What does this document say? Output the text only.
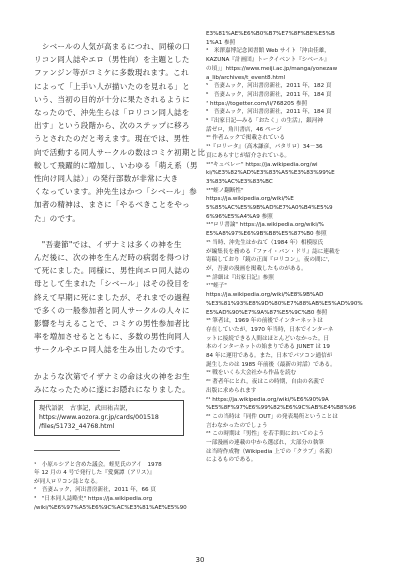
　シベールの人気が高まるにつれ、同様の口
リコン同人誌やエロ（男性向）を主題とした
ファンジン等がコミケに多数現れます。これ
によって「上手い人が描いたのを見れる」と
いう、当初の目的が十分に果たされるように
なったので、沖先生らは「ロリコン同人誌を
出す」という段階から、次のステップに移ろ
うとされたのだと考えます。現在では、男性
向で活動する同人サークルの数はコミケ初期と比
較して飛躍的に増加し、いわゆる「萌え系（男
性向け同人誌）」の発行部数が非常に大き
くなっています。沖先生はかつ「シベール」参
加者の精神は、まさに「やるべきことをやっ
た」のです。
　"吾妻節"では、イザナミは多くの神を生
んだ後に、次の神を生んだ時の病弱を得つけ
て死にました。同様に、男性向エロ同人誌の
母として生まれた「シベール」はその役目を
終えて早期に死にましたが、それまでの過程
で多くの一般参加者と同人サークルの人々に
影響を与えることで、コミケの男性参加者比
率を増加させるとともに、多数の男性向同人
サークルやエロ同人誌を生み出したのです。
かような次第でイザナミの命は火の神をお生
みになったために遂にお隠れになりました。
現代語訳　古事記，武田祐吉訳，
https://www.aozora.gr.jp/cards/001518
/files/51732_44768.html
¹　小原ルシアと含めた議会。蛭児氏のアイ　1978
年 12 月の 4 号で発行した『愛翼譚（アリス）』
が同人ロリコン誌となる。
²　吾妻ムック，河出書房新社，2011 年，66 頁
³　"日本同人誌略史" https://ja.wikipedia.org
/wiki/%E6%97%A5%E6%9C%AC%E3%81%AE%E5%90
E3%81%AE%E6%B0%B7%E7%8F%BE%E5%B
1%A1 参照
⁴　米澤嘉博記念図書館 Web サイト「沖由佳雄，
KAZUNA『計画団』トークイベント『シベール』
の頃」」https://www.meiji.ac.jp/manga/yonezaw
a_lib/archives/t_event8.html
⁵　吾妻ムック，河出書房新社，2011 年，182 頁
⁶　吾妻ムック，河出書房新社，2011 年，184 頁
⁷ https://togetter.com/li/768205 参照
⁸　吾妻ムック，河出書房新社，2011 年，184 頁
⁹『出家日記―みる「おたく」の生活』，銀河神
話ゼロ，角川書店，46 ページ
¹⁰ 作者ムックで掲載されている
¹¹『ロリータ』（高木謙彦，パタリロ）34－36
頁にあらすじが紹介されている。
¹²"キュベレー" https://ja.wikipedia.org/wi
ki/%E3%82%AD%E3%83%A5%E3%83%99%E
3%83%AC%E3%83%BC
¹³"蛭ノ翻断性"
https://ja.wikipedia.org/wiki/%E
5%85%AC%E5%9B%AD%E7%A0%B4%E5%9
6%96%E5%A4%A9 参照
¹⁴"ロリ書論" https://ja.wikipedia.org/wiki/%
E5%A8%97%E6%9B%B8%E5%87%B0 参照
¹⁵ 当時、沖先生はかねて（1984 年）相模原氏
が編集長を務める『ファイ・バン・ドリ』誌に連載を
寄稿しており『鏡の正面『ロリコン」。夜の間に',
が，吾妻の漫画を掲載したものがある。
¹⁶ 詳細は『出家日記』参照
¹⁷"蛭子"
https://ja.wikipedia.org/wiki/%E8%9B%AD
%E3%81%93%E8%9D%80%E7%88%AB%E5%AD%90%
E5%AD%90%E7%9A%87%E5%9C%B0 参照
¹⁸ 筆者は，1969 年の前後でインターネットは
存在していたが，1970 年当時，日本でインターネ
ットに接続できる人間はほとんどいなかった。日
本のインターネットの始まりである JUNET は 19
84 年に運用である。また，日本でパソコン通信が
誕生したのは 1985 年前後（最新の対話）である。
¹⁹ 戦をいくら大会社から作品を読む
²⁰ 著者年にとれ，夜はこの時期，自由の名義で
出版に求められます
²¹ https://ja.wikipedia.org/wiki/%E6%90%9A
%E5%8F%97%E6%99%82%E6%9C%AB%E4%B8%96
²² この当時は「同件 OUT」の発表場所ということは
言わなかったのでしょう
²³ この時期は「男性」を若手間においてのよう
一部漫画の連載の中から選ばれ，大部分の執筆
は当時作成物（Wikipedia 上での「クラブ」名義）
によるものである。
30
